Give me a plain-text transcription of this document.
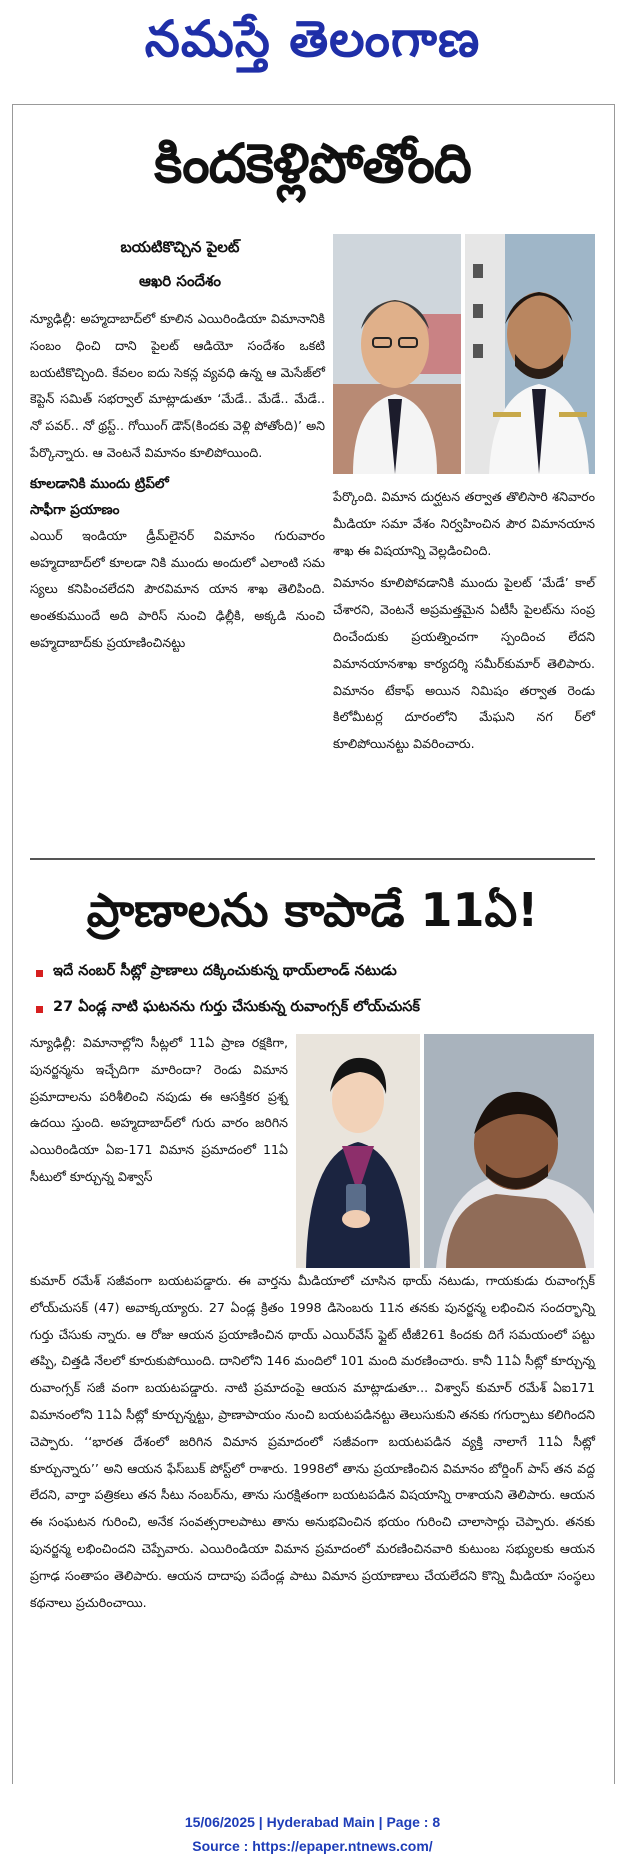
నమస్తే తెలంగాణ
కిందకెళ్లిపోతోంది
బయటికొచ్చిన పైలట్
ఆఖరి సందేశం

న్యూఢిల్లీ: అహ్మదాబాద్‌లో కూలిన ఎయిరిండియా విమానానికి సంబం ధించి దాని పైలట్ ఆడియో సందేశం ఒకటి బయటికొచ్చింది. కేవలం ఐదు సెకన్ల వ్యవధి ఉన్న ఆ మెసేజ్‌లో కెప్టెన్ సమిత్ సభర్వాల్ మాట్లాడుతూ ‘మేడే.. మేడే.. మేడే.. నో పవర్.. నో థ్రస్ట్.. గోయింగ్ డౌన్(కిందకు వెళ్లి పోతోంది)’ అని పేర్కొన్నారు. ఆ వెంటనే విమానం కూలిపోయింది.

కూలడానికి ముందు ట్రిప్‌లో
సాఫీగా ప్రయాణం

ఎయిర్ ఇండియా డ్రీమ్‌లైనర్ విమానం గురువారం అహ్మదాబాద్‌లో కూలడా నికి ముందు అందులో ఎలాంటి సమ స్యలు కనిపించలేదని పౌరవిమాన యాన శాఖ తెలిపింది. అంతకుముందే అది పారిస్ నుంచి ఢిల్లీకి, అక్కడి నుంచి అహ్మదాబాద్‌కు ప్రయాణించినట్టు

పేర్కొంది. విమాన దుర్ఘటన తర్వాత తొలిసారి శనివారం మీడియా సమా వేశం నిర్వహించిన పౌర విమానయాన శాఖ ఈ విషయాన్ని వెల్లడించింది.

విమానం కూలిపోవడానికి ముందు పైలట్ ‘మేడే’ కాల్ చేశారని, వెంటనే అప్రమత్తమైన ఏటీసీ పైలట్‌ను సంప్ర దించేందుకు ప్రయత్నించగా స్పందించ లేదని విమానయానశాఖ కార్యదర్శి సమీర్‌కుమార్ తెలిపారు. విమానం టేకాఫ్ అయిన నిమిషం తర్వాత రెండు కిలోమీటర్ల దూరంలోని మేఘని నగ ర్‌లో కూలిపోయినట్టు వివరించారు.

ప్రాణాలను కాపాడే 11ఏ!
ఇదే నంబర్ సీట్లో ప్రాణాలు దక్కించుకున్న థాయ్‌లాండ్ నటుడు
27 ఏండ్ల నాటి ఘటనను గుర్తు చేసుకున్న రువాంగ్సక్ లోయ్‌చుసక్

న్యూఢిల్లీ: విమానాల్లోని సీట్లలో 11ఏ ప్రాణ రక్షకిగా, పునర్జన్మను ఇచ్చేదిగా మారిందా? రెండు విమాన ప్రమాదాలను పరిశీలించి నపుడు ఈ ఆసక్తికర ప్రశ్న ఉదయి స్తుంది. అహ్మదాబాద్‌లో గురు వారం జరిగిన ఎయిరిండియా ఏఐ-171 విమాన ప్రమాదంలో 11ఏ సీటులో కూర్చున్న విశ్వాస్

కుమార్ రమేశ్ సజీవంగా బయటపడ్డారు. ఈ వార్తను మీడియాలో చూసిన థాయ్ నటుడు, గాయకుడు రువాంగ్సక్ లోయ్‌చుసక్ (47) అవాక్కయ్యారు. 27 ఏండ్ల క్రితం 1998 డిసెంబరు 11న తనకు పునర్జన్మ లభించిన సందర్భాన్ని గుర్తు చేసుకు న్నారు. ఆ రోజు ఆయన ప్రయాణించిన థాయ్ ఎయిర్‌వేస్ ఫ్లైట్ టీజీ261 కిందకు దిగే సమయంలో పట్టు తప్పి, చిత్తడి నేలలో కూరుకుపోయింది. దానిలోని 146 మందిలో 101 మంది మరణించారు. కానీ 11ఏ సీట్లో కూర్చున్న రువాంగ్సక్ సజీ వంగా బయటపడ్డారు. నాటి ప్రమాదంపై ఆయన మాట్లాడుతూ... విశ్వాస్ కుమార్ రమేశ్ ఏఐ171 విమానంలోని 11ఏ సీట్లో కూర్చున్నట్టు, ప్రాణాపాయం నుంచి బయటపడినట్టు తెలుసుకుని తనకు గగుర్పాటు కలిగిందని చెప్పారు. ‘‘భారత దేశంలో జరిగిన విమాన ప్రమాదంలో సజీవంగా బయటపడిన వ్యక్తి నాలాగే 11ఏ సీట్లో కూర్చున్నారు’’ అని ఆయన ఫేస్‌బుక్ పోస్ట్‌లో రాశారు. 1998లో తాను ప్రయాణించిన విమానం బోర్డింగ్ పాస్ తన వద్ద లేదని, వార్తా పత్రికలు తన సీటు నంబర్‌ను, తాను సురక్షితంగా బయటపడిన విషయాన్ని రాశాయని తెలిపారు. ఆయన ఈ సంఘటన గురించి, అనేక సంవత్సరాలపాటు తాను అనుభవించిన భయం గురించి చాలాసార్లు చెప్పారు. తనకు పునర్జన్మ లభించిందని చెప్పేవారు. ఎయిరిండియా విమాన ప్రమాదంలో మరణించినవారి కుటుంబ సభ్యులకు ఆయన ప్రగాఢ సంతాపం తెలిపారు. ఆయన దాదాపు పదేండ్ల పాటు విమాన ప్రయాణాలు చేయలేదని కొన్ని మీడియా సంస్థలు కథనాలు ప్రచురించాయి.

15/06/2025 | Hyderabad Main | Page : 8
Source : https://epaper.ntnews.com/
